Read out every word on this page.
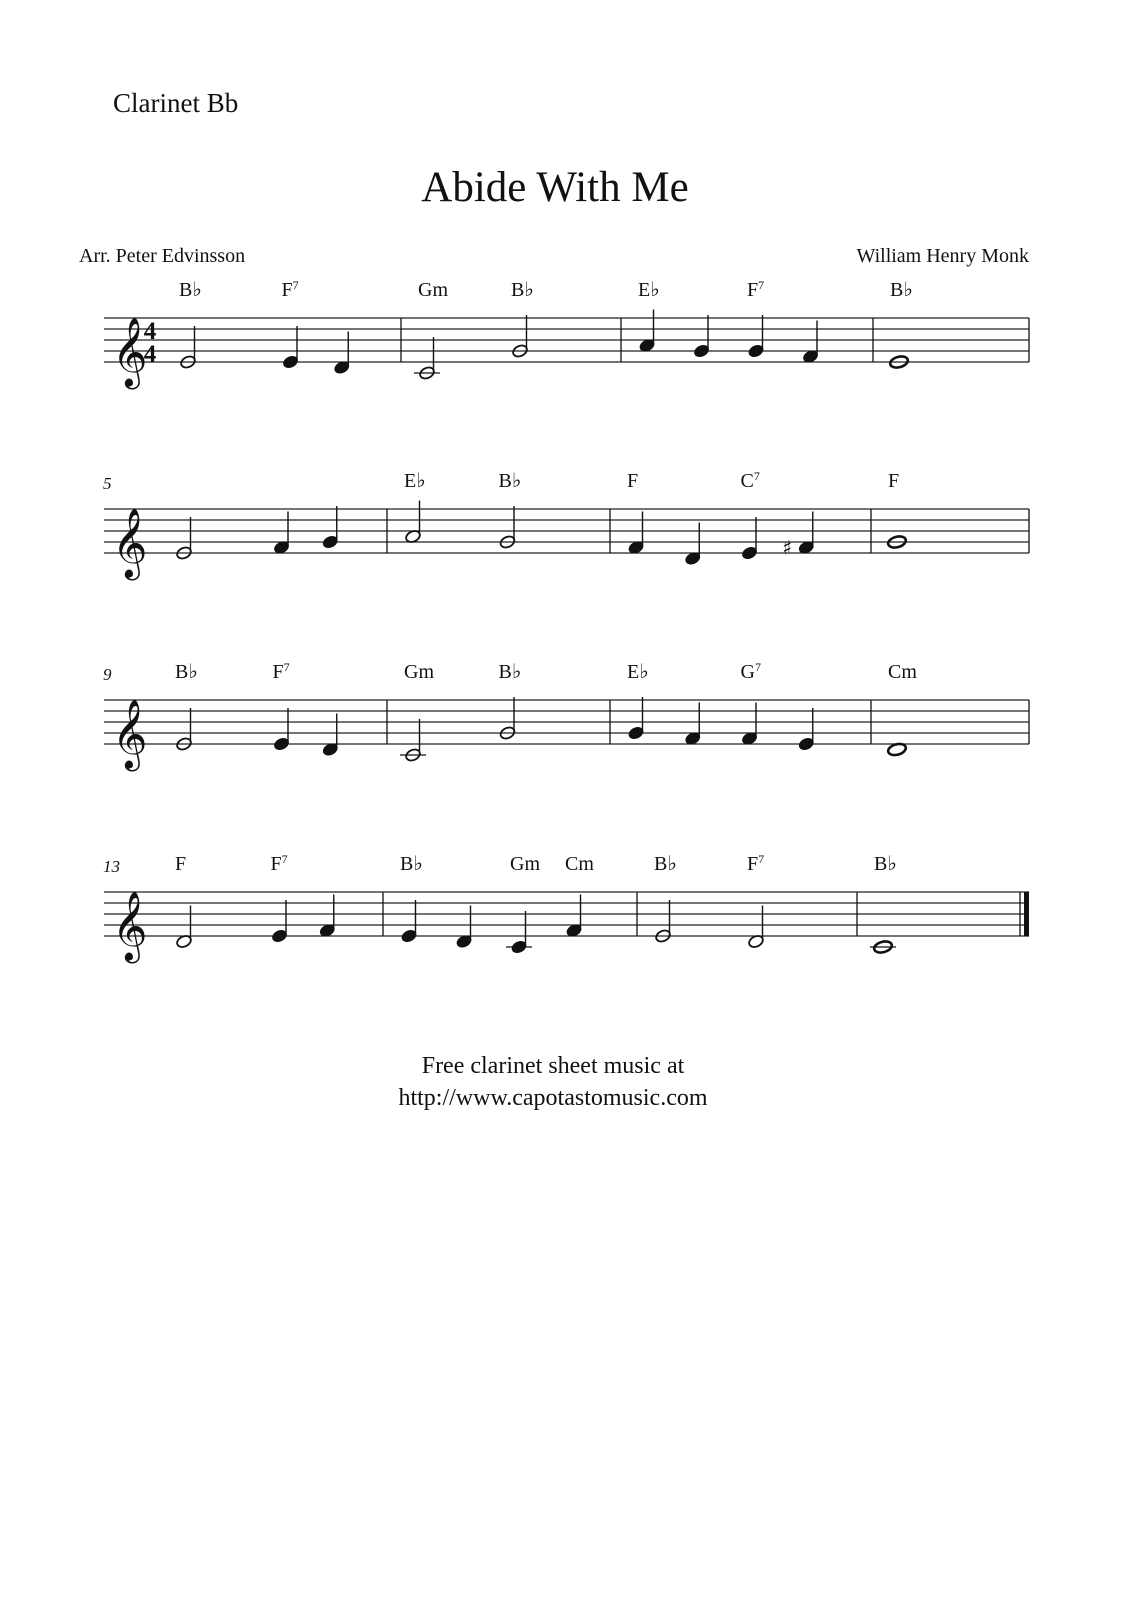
Clarinet Bb
Abide With Me
Arr. Peter Edvinsson	William Henry Monk
𝄞
4
4
B♭	$F^7$	Gm	B♭	E♭	$F^7$	B♭
𝄞
5	E♭	B♭	F	$C^7$
♯
F
𝄞
9	B♭	$F^7$	Gm	B♭	E♭	$G^7$	Cm
𝄞
13	F	$F^7$	B♭	Gm Cm	B♭	$F^7$	B♭
Free clarinet sheet music at
http://www.capotastomusic.com
